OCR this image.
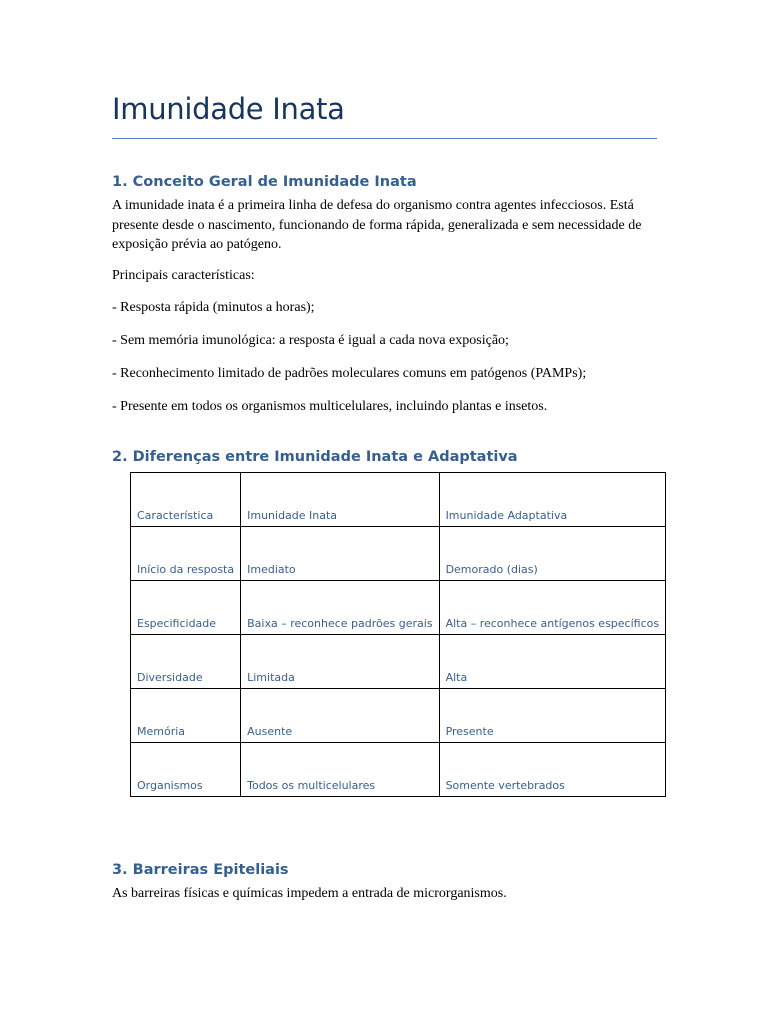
Imunidade Inata
1. Conceito Geral de Imunidade Inata

A imunidade inata é a primeira linha de defesa do organismo contra agentes infecciosos. Está presente desde o nascimento, funcionando de forma rápida, generalizada e sem necessidade de exposição prévia ao patógeno.

Principais características:

- Resposta rápida (minutos a horas);

- Sem memória imunológica: a resposta é igual a cada nova exposição;

- Reconhecimento limitado de padrões moleculares comuns em patógenos (PAMPs);

- Presente em todos os organismos multicelulares, incluindo plantas e insetos.

2. Diferenças entre Imunidade Inata e Adaptativa
Característica	Imunidade Inata	Imunidade Adaptativa
Início da resposta	Imediato	Demorado (dias)
Especificidade	Baixa – reconhece padrões gerais	Alta – reconhece antígenos específicos
Diversidade	Limitada	Alta
Memória	Ausente	Presente
Organismos	Todos os multicelulares	Somente vertebrados
3. Barreiras Epiteliais

As barreiras físicas e químicas impedem a entrada de microrganismos.
